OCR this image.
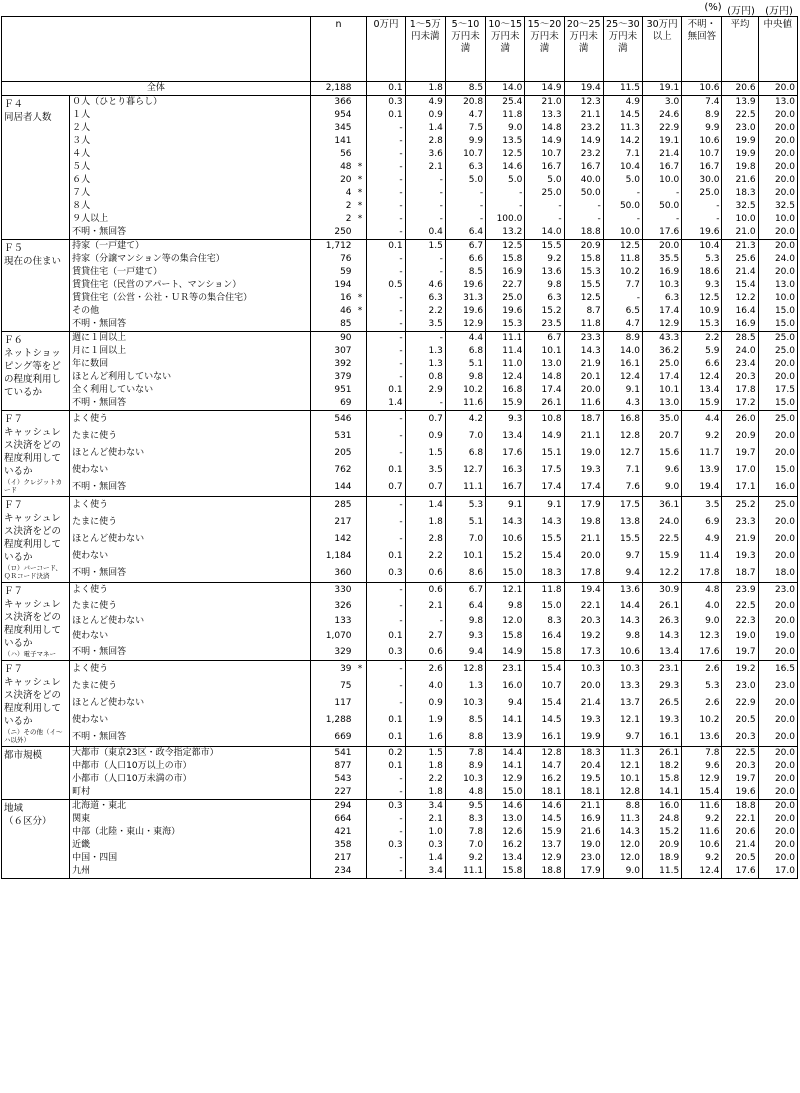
(%) (万円)	(万円)
		n		0万円	1～5万円未満	5～10万円未満	10～15万円未満	15～20万円未満	20～25万円未満	25～30万円未満	30万円以上	不明・無回答	平均	中央値
全体		2,188		0.1	1.8	8.5	14.0	14.9	19.4	11.5	19.1	10.6	20.6	20.0
Ｆ４
同居者人数	０人（ひとり暮らし）	366		0.3	4.9	20.8	25.4	21.0	12.3	4.9	3.0	7.4	13.9	13.0
	１人	954		0.1	0.9	4.7	11.8	13.3	21.1	14.5	24.6	8.9	22.5	20.0
	２人	345		-	1.4	7.5	9.0	14.8	23.2	11.3	22.9	9.9	23.0	20.0
	３人	141		-	2.8	9.9	13.5	14.9	14.9	14.2	19.1	10.6	19.9	20.0
	４人	56		-	3.6	10.7	12.5	10.7	23.2	7.1	21.4	10.7	19.9	20.0
	５人	48	*	-	2.1	6.3	14.6	16.7	16.7	10.4	16.7	16.7	19.8	20.0
	６人	20	*	-	-	5.0	5.0	5.0	40.0	5.0	10.0	30.0	21.6	20.0
	７人	4	*	-	-	-	-	25.0	50.0	-	-	25.0	18.3	20.0
	８人	2	*	-	-	-	-	-	-	50.0	50.0	-	32.5	32.5
	９人以上	2	*	-	-	-	100.0	-	-	-	-	-	10.0	10.0
	不明・無回答	250		-	0.4	6.4	13.2	14.0	18.8	10.0	17.6	19.6	21.0	20.0
Ｆ５
現在の住まい	持家（一戸建て）	1,712		0.1	1.5	6.7	12.5	15.5	20.9	12.5	20.0	10.4	21.3	20.0
	持家（分譲マンション等の集合住宅）	76		-	-	6.6	15.8	9.2	15.8	11.8	35.5	5.3	25.6	24.0
	賃貸住宅（一戸建て）	59		-	-	8.5	16.9	13.6	15.3	10.2	16.9	18.6	21.4	20.0
	賃貸住宅（民営のアパート、マンション）	194		0.5	4.6	19.6	22.7	9.8	15.5	7.7	10.3	9.3	15.4	13.0
	賃貸住宅（公営・公社・ＵＲ等の集合住宅）	16	*	-	6.3	31.3	25.0	6.3	12.5	-	6.3	12.5	12.2	10.0
	その他	46	*	-	2.2	19.6	19.6	15.2	8.7	6.5	17.4	10.9	16.4	15.0
	不明・無回答	85		-	3.5	12.9	15.3	23.5	11.8	4.7	12.9	15.3	16.9	15.0
Ｆ６
ネットショッピング等をどの程度利用しているか	週に１回以上	90		-	-	4.4	11.1	6.7	23.3	8.9	43.3	2.2	28.5	25.0
	月に１回以上	307		-	1.3	6.8	11.4	10.1	14.3	14.0	36.2	5.9	24.0	25.0
	年に数回	392		-	1.3	5.1	11.0	13.0	21.9	16.1	25.0	6.6	23.4	20.0
	ほとんど利用していない	379		-	0.8	9.8	12.4	14.8	20.1	12.4	17.4	12.4	20.3	20.0
	全く利用していない	951		0.1	2.9	10.2	16.8	17.4	20.0	9.1	10.1	13.4	17.8	17.5
	不明・無回答	69		1.4	-	11.6	15.9	26.1	11.6	4.3	13.0	15.9	17.2	15.0
Ｆ７
キャッシュレス決済をどの程度利用しているか
（イ）クレジットカード	よく使う	546		-	0.7	4.2	9.3	10.8	18.7	16.8	35.0	4.4	26.0	25.0
	たまに使う	531		-	0.9	7.0	13.4	14.9	21.1	12.8	20.7	9.2	20.9	20.0
	ほとんど使わない	205		-	1.5	6.8	17.6	15.1	19.0	12.7	15.6	11.7	19.7	20.0
	使わない	762		0.1	3.5	12.7	16.3	17.5	19.3	7.1	9.6	13.9	17.0	15.0
	不明・無回答	144		0.7	0.7	11.1	16.7	17.4	17.4	7.6	9.0	19.4	17.1	16.0
Ｆ７
キャッシュレス決済をどの程度利用しているか
（ロ）バーコード、ＱＲコード決済	よく使う	285		-	1.4	5.3	9.1	9.1	17.9	17.5	36.1	3.5	25.2	25.0
	たまに使う	217		-	1.8	5.1	14.3	14.3	19.8	13.8	24.0	6.9	23.3	20.0
	ほとんど使わない	142		-	2.8	7.0	10.6	15.5	21.1	15.5	22.5	4.9	21.9	20.0
	使わない	1,184		0.1	2.2	10.1	15.2	15.4	20.0	9.7	15.9	11.4	19.3	20.0
	不明・無回答	360		0.3	0.6	8.6	15.0	18.3	17.8	9.4	12.2	17.8	18.7	18.0
Ｆ７
キャッシュレス決済をどの程度利用しているか
（ハ）電子マネー	よく使う	330		-	0.6	6.7	12.1	11.8	19.4	13.6	30.9	4.8	23.9	23.0
	たまに使う	326		-	2.1	6.4	9.8	15.0	22.1	14.4	26.1	4.0	22.5	20.0
	ほとんど使わない	133		-	-	9.8	12.0	8.3	20.3	14.3	26.3	9.0	22.3	20.0
	使わない	1,070		0.1	2.7	9.3	15.8	16.4	19.2	9.8	14.3	12.3	19.0	19.0
	不明・無回答	329		0.3	0.6	9.4	14.9	15.8	17.3	10.6	13.4	17.6	19.7	20.0
Ｆ７
キャッシュレス決済をどの程度利用しているか
（ニ）その他（イ～ハ以外）	よく使う	39	*	-	2.6	12.8	23.1	15.4	10.3	10.3	23.1	2.6	19.2	16.5
	たまに使う	75		-	4.0	1.3	16.0	10.7	20.0	13.3	29.3	5.3	23.0	23.0
	ほとんど使わない	117		-	0.9	10.3	9.4	15.4	21.4	13.7	26.5	2.6	22.9	20.0
	使わない	1,288		0.1	1.9	8.5	14.1	14.5	19.3	12.1	19.3	10.2	20.5	20.0
	不明・無回答	669		0.1	1.6	8.8	13.9	16.1	19.9	9.7	16.1	13.6	20.3	20.0
都市規模	大都市（東京23区・政令指定都市）	541		0.2	1.5	7.8	14.4	12.8	18.3	11.3	26.1	7.8	22.5	20.0
	中都市（人口10万以上の市）	877		0.1	1.8	8.9	14.1	14.7	20.4	12.1	18.2	9.6	20.3	20.0
	小都市（人口10万未満の市）	543		-	2.2	10.3	12.9	16.2	19.5	10.1	15.8	12.9	19.7	20.0
	町村	227		-	1.8	4.8	15.0	18.1	18.1	12.8	14.1	15.4	19.6	20.0
地域
（６区分）	北海道・東北	294		0.3	3.4	9.5	14.6	14.6	21.1	8.8	16.0	11.6	18.8	20.0
	関東	664		-	2.1	8.3	13.0	14.5	16.9	11.3	24.8	9.2	22.1	20.0
	中部（北陸・東山・東海）	421		-	1.0	7.8	12.6	15.9	21.6	14.3	15.2	11.6	20.6	20.0
	近畿	358		0.3	0.3	7.0	16.2	13.7	19.0	12.0	20.9	10.6	21.4	20.0
	中国・四国	217		-	1.4	9.2	13.4	12.9	23.0	12.0	18.9	9.2	20.5	20.0
	九州	234		-	3.4	11.1	15.8	18.8	17.9	9.0	11.5	12.4	17.6	17.0
